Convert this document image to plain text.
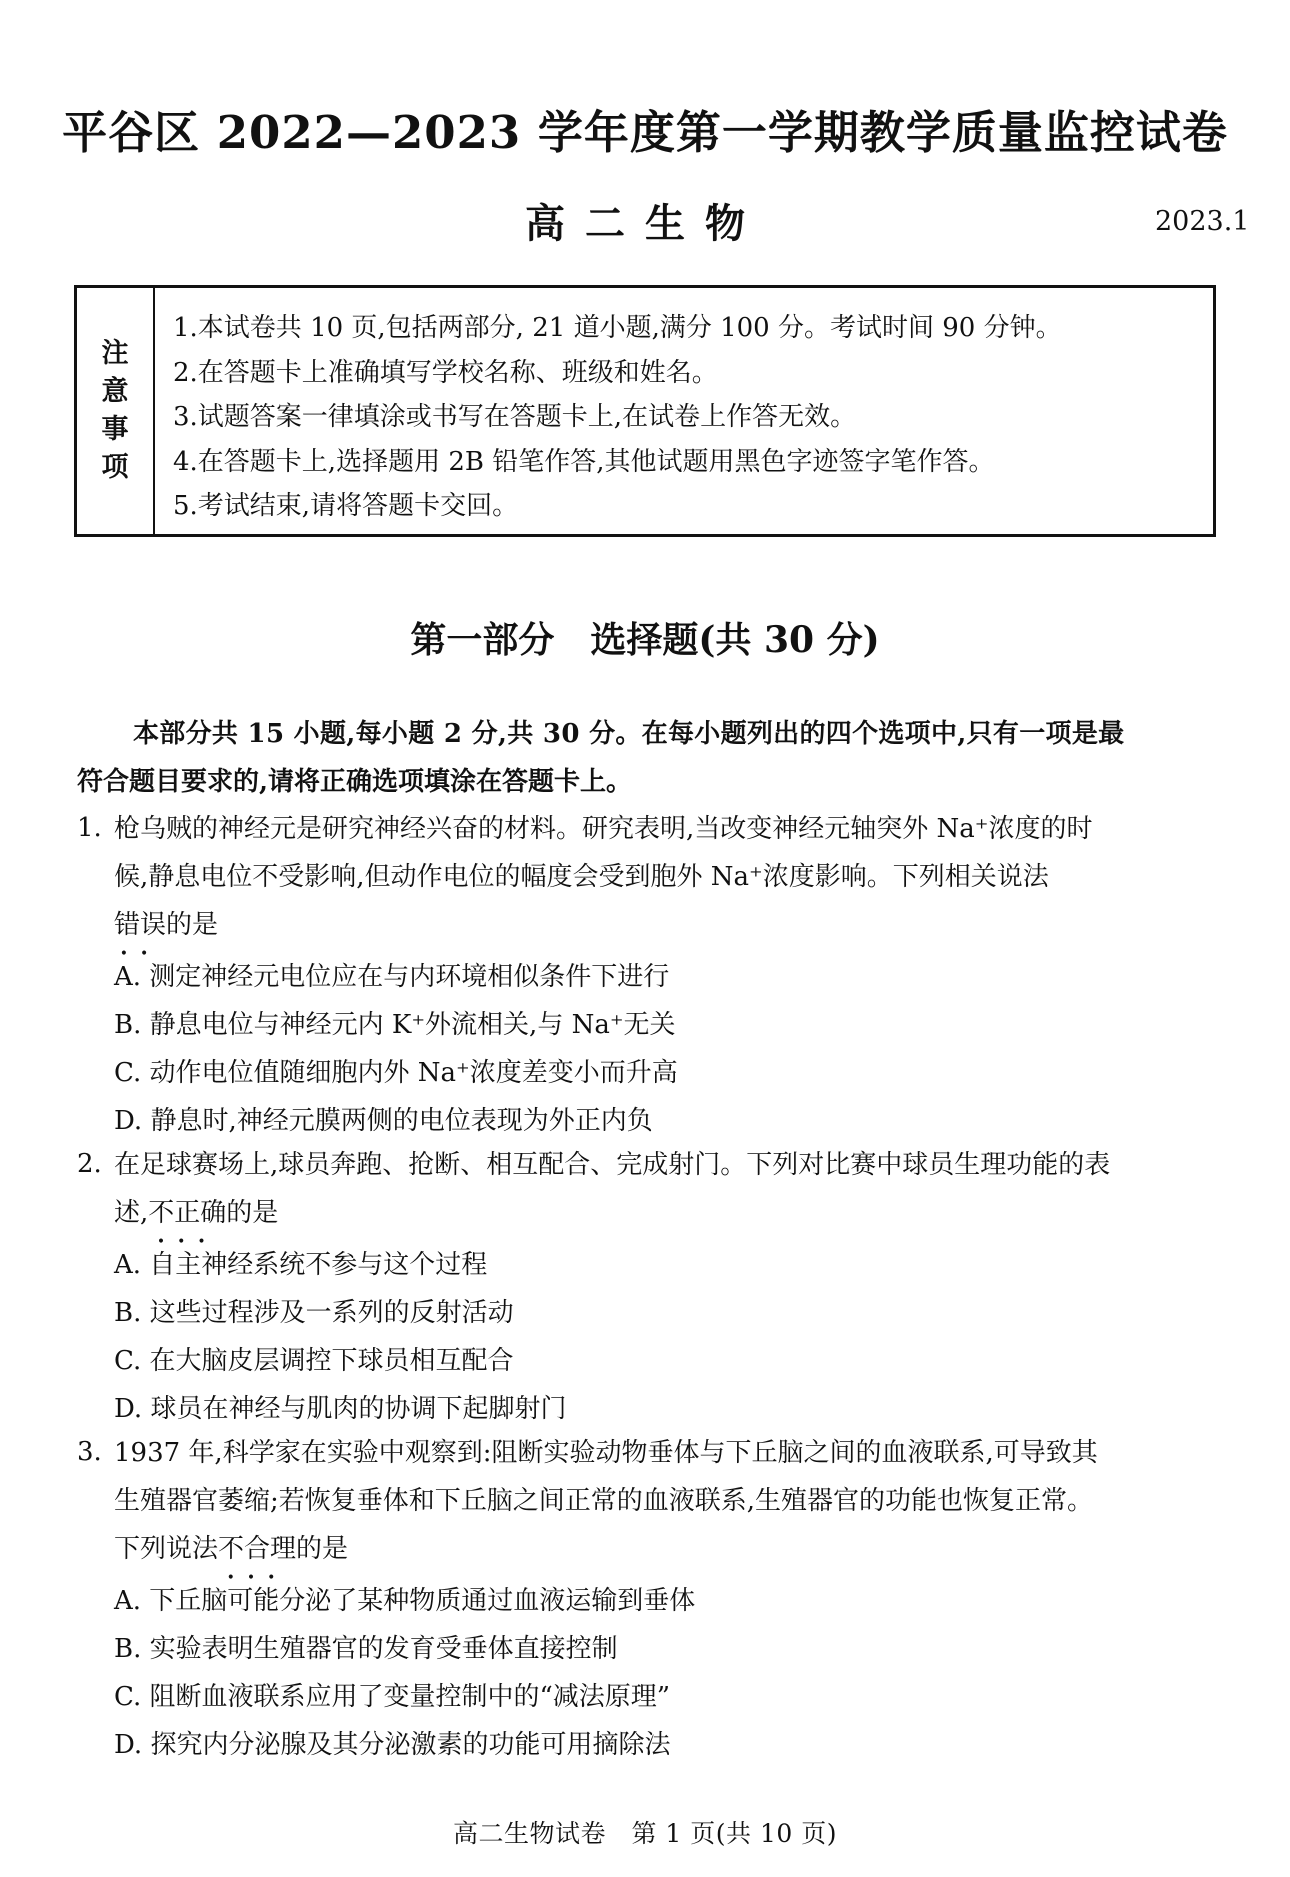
平谷区 2022—2023 学年度第一学期教学质量监控试卷
高二生物	2023.1
注
意
事
项
1.本试卷共 10 页,包括两部分, 21 道小题,满分 100 分。考试时间 90 分钟。
2.在答题卡上准确填写学校名称、班级和姓名。
3.试题答案一律填涂或书写在答题卡上,在试卷上作答无效。
4.在答题卡上,选择题用 2B 铅笔作答,其他试题用黑色字迹签字笔作答。
5.考试结束,请将答题卡交回。
第一部分　选择题(共 30 分)
本部分共 15 小题,每小题 2 分,共 30 分。在每小题列出的四个选项中,只有一项是最
符合题目要求的,请将正确选项填涂在答题卡上。
1. 枪乌贼的神经元是研究神经兴奋的材料。研究表明,当改变神经元轴突外 Na⁺浓度的时
候,静息电位不受影响,但动作电位的幅度会受到胞外 Na⁺浓度影响。下列相关说法
错误
••
的是
A. 测定神经元电位应在与内环境相似条件下进行
B. 静息电位与神经元内 K⁺外流相关,与 Na⁺无关
C. 动作电位值随细胞内外 Na⁺浓度差变小而升高
D. 静息时,神经元膜两侧的电位表现为外正内负
2. 在足球赛场上,球员奔跑、抢断、相互配合、完成射门。下列对比赛中球员生理功能的表
述,不正确
•••
的是
A. 自主神经系统不参与这个过程
B. 这些过程涉及一系列的反射活动
C. 在大脑皮层调控下球员相互配合
D. 球员在神经与肌肉的协调下起脚射门
3. 1937 年,科学家在实验中观察到:阻断实验动物垂体与下丘脑之间的血液联系,可导致其
生殖器官萎缩;若恢复垂体和下丘脑之间正常的血液联系,生殖器官的功能也恢复正常。
下列说法不合理
•••
的是
A. 下丘脑可能分泌了某种物质通过血液运输到垂体
B. 实验表明生殖器官的发育受垂体直接控制
C. 阻断血液联系应用了变量控制中的“减法原理”
D. 探究内分泌腺及其分泌激素的功能可用摘除法
高二生物试卷　第 1 页(共 10 页)
